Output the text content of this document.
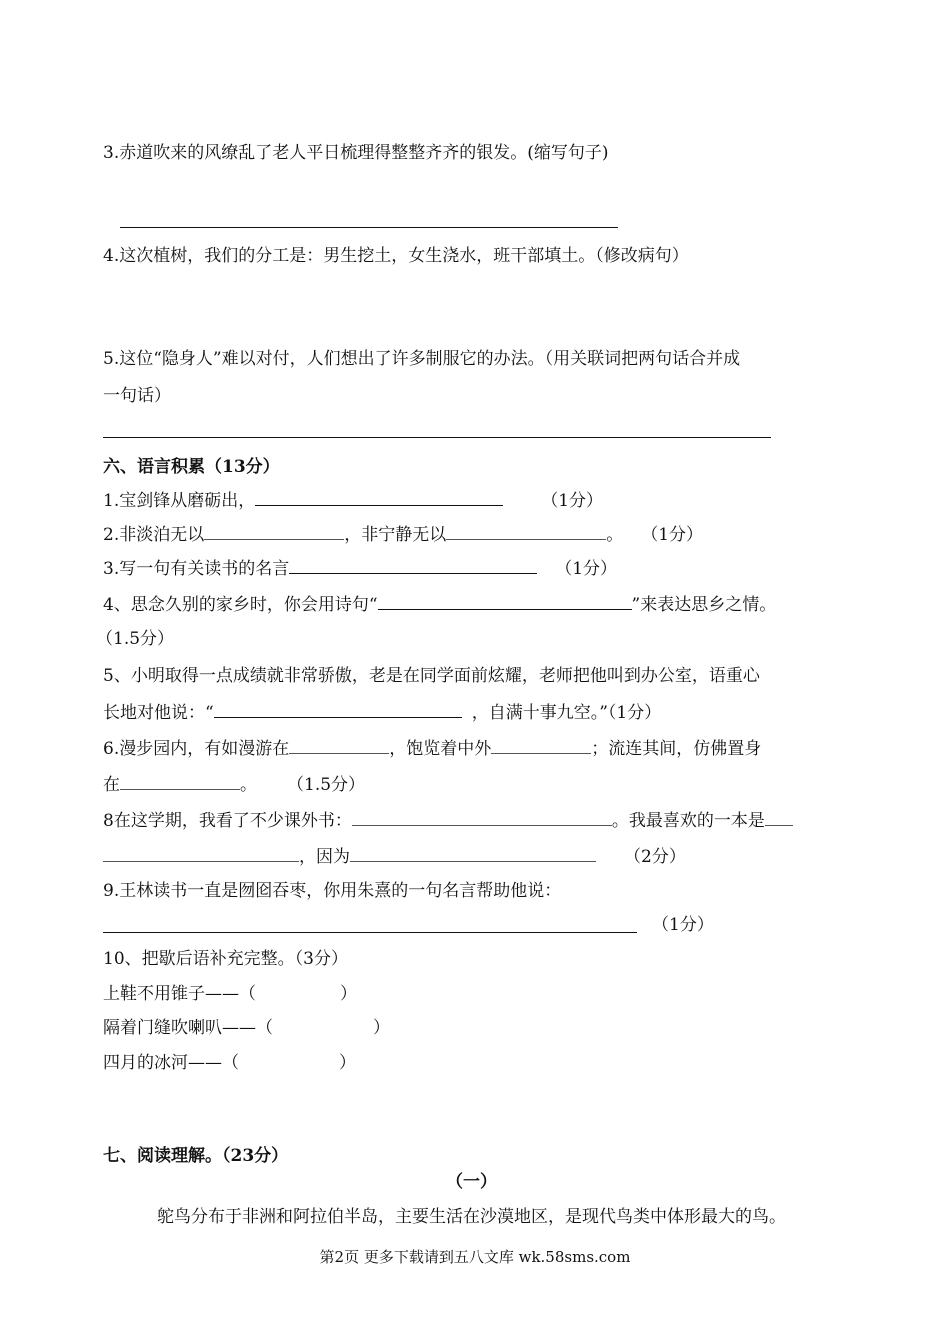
3.赤道吹来的风缭乱了老人平日梳理得整整齐齐的银发。(缩写句子)
4.这次植树，我们的分工是：男生挖土，女生浇水，班干部填土。（修改病句）
5.这位“隐身人”难以对付，人们想出了许多制服它的办法。（用关联词把两句话合并成
一句话）
六、语言积累（13分）
1.宝剑锋从磨砺出，	（1分）
2.非淡泊无以	，非宁静无以	。 （1分）
3.写一句有关读书的名言	（1分）
4、思念久别的家乡时，你会用诗句“	”来表达思乡之情。
（1.5分）
5、小明取得一点成绩就非常骄傲，老是在同学面前炫耀，老师把他叫到办公室，语重心
长地对他说：“	，自满十事九空。”（1分）
6.漫步园内，有如漫游在	，饱览着中外	；流连其间，仿佛置身
在	。 （1.5分）
8在这学期，我看了不少课外书：	。我最喜欢的一本是
，因为	（2分）
9.王林读书一直是囫囵吞枣，你用朱熹的一句名言帮助他说：
（1分）
10、把歇后语补充完整。（3分）
上鞋不用锥子——（	）
隔着门缝吹喇叭——（	）
四月的冰河——（	）
七、阅读理解。（23分）
（一）
鸵鸟分布于非洲和阿拉伯半岛，主要生活在沙漠地区，是现代鸟类中体形最大的鸟。
第2页 更多下载请到五八文库 wk.58sms.com
